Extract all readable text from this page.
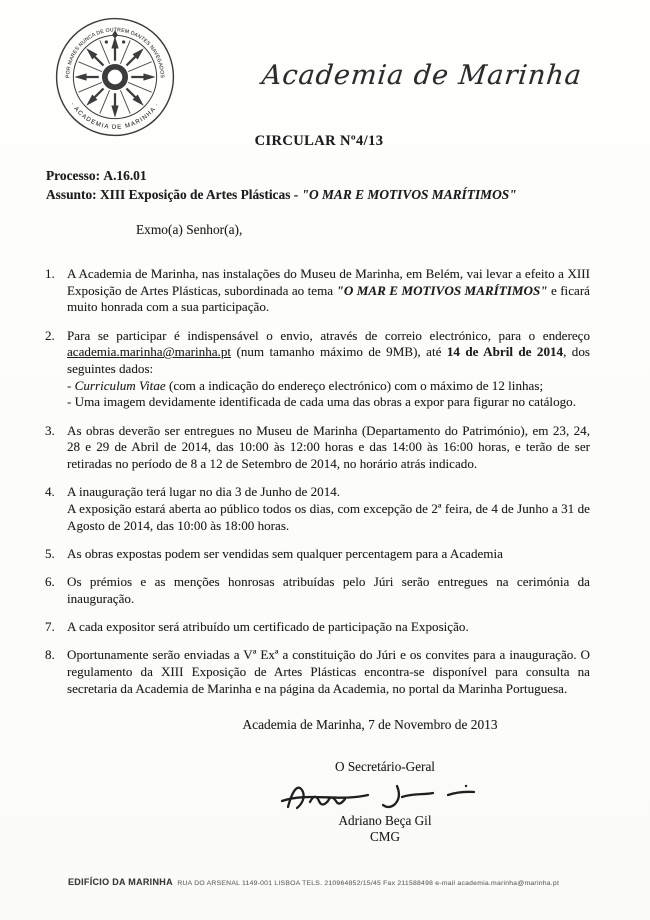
POR MARES NUNCA DE OUTREM DANTES NAVEGADOS
· ACADEMIA DE MARINHA ·
Academia de Marinha
CIRCULAR Nº4/13
Processo: A.16.01
Assunto: XIII Exposição de Artes Plásticas - "O MAR E MOTIVOS MARÍTIMOS"
Exmo(a) Senhor(a),
1. A Academia de Marinha, nas instalações do Museu de Marinha, em Belém, vai levar a efeito a XIII Exposição de Artes Plásticas, subordinada ao tema "O MAR E MOTIVOS MARÍTIMOS" e ficará muito honrada com a sua participação.
2. Para se participar é indispensável o envio, através de correio electrónico, para o endereço academia.marinha@marinha.pt (num tamanho máximo de 9MB), até 14 de Abril de 2014, dos seguintes dados:
- Curriculum Vitae (com a indicação do endereço electrónico) com o máximo de 12 linhas;
- Uma imagem devidamente identificada de cada uma das obras a expor para figurar no catálogo.
3. As obras deverão ser entregues no Museu de Marinha (Departamento do Património), em 23, 24, 28 e 29 de Abril de 2014, das 10:00 às 12:00 horas e das 14:00 às 16:00 horas, e terão de ser retiradas no período de 8 a 12 de Setembro de 2014, no horário atrás indicado.
4. A inauguração terá lugar no dia 3 de Junho de 2014.
A exposição estará aberta ao público todos os dias, com excepção de 2ª feira, de 4 de Junho a 31 de Agosto de 2014, das 10:00 às 18:00 horas.
5. As obras expostas podem ser vendidas sem qualquer percentagem para a Academia
6. Os prémios e as menções honrosas atribuídas pelo Júri serão entregues na cerimónia da inauguração.
7. A cada expositor será atribuído um certificado de participação na Exposição.
8. Oportunamente serão enviadas a Vª Exª a constituição do Júri e os convites para a inauguração. O regulamento da XIII Exposição de Artes Plásticas encontra-se disponível para consulta na secretaria da Academia de Marinha e na página da Academia, no portal da Marinha Portuguesa.
Academia de Marinha, 7 de Novembro de 2013
O Secretário-Geral
Adriano Beça Gil
CMG
EDIFÍCIO DA MARINHA RUA DO ARSENAL 1149-001 LISBOA TELS. 210964852/15/45 Fax 211588498 e-mail academia.marinha@marinha.pt
